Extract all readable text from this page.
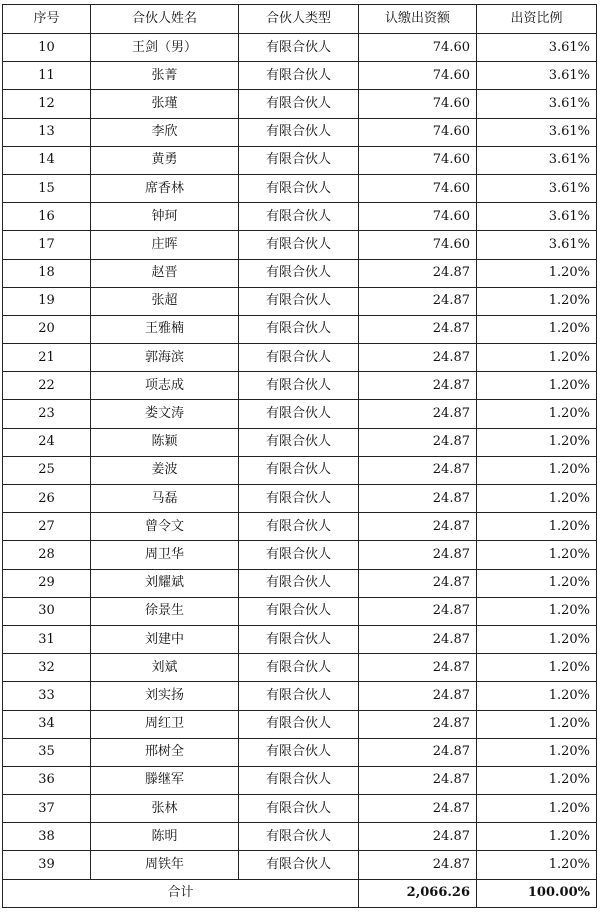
序号	合伙人姓名	合伙人类型	认缴出资额	出资比例
10	王剑（男）	有限合伙人	74.60	3.61%
11	张菁	有限合伙人	74.60	3.61%
12	张瑾	有限合伙人	74.60	3.61%
13	李欣	有限合伙人	74.60	3.61%
14	黄勇	有限合伙人	74.60	3.61%
15	席香林	有限合伙人	74.60	3.61%
16	钟珂	有限合伙人	74.60	3.61%
17	庄晖	有限合伙人	74.60	3.61%
18	赵晋	有限合伙人	24.87	1.20%
19	张超	有限合伙人	24.87	1.20%
20	王雅楠	有限合伙人	24.87	1.20%
21	郭海滨	有限合伙人	24.87	1.20%
22	项志成	有限合伙人	24.87	1.20%
23	娄文涛	有限合伙人	24.87	1.20%
24	陈颖	有限合伙人	24.87	1.20%
25	姜波	有限合伙人	24.87	1.20%
26	马磊	有限合伙人	24.87	1.20%
27	曾令文	有限合伙人	24.87	1.20%
28	周卫华	有限合伙人	24.87	1.20%
29	刘耀斌	有限合伙人	24.87	1.20%
30	徐景生	有限合伙人	24.87	1.20%
31	刘建中	有限合伙人	24.87	1.20%
32	刘斌	有限合伙人	24.87	1.20%
33	刘实扬	有限合伙人	24.87	1.20%
34	周红卫	有限合伙人	24.87	1.20%
35	邢树全	有限合伙人	24.87	1.20%
36	滕继军	有限合伙人	24.87	1.20%
37	张林	有限合伙人	24.87	1.20%
38	陈明	有限合伙人	24.87	1.20%
39	周铁年	有限合伙人	24.87	1.20%
合计			2,066.26	100.00%
